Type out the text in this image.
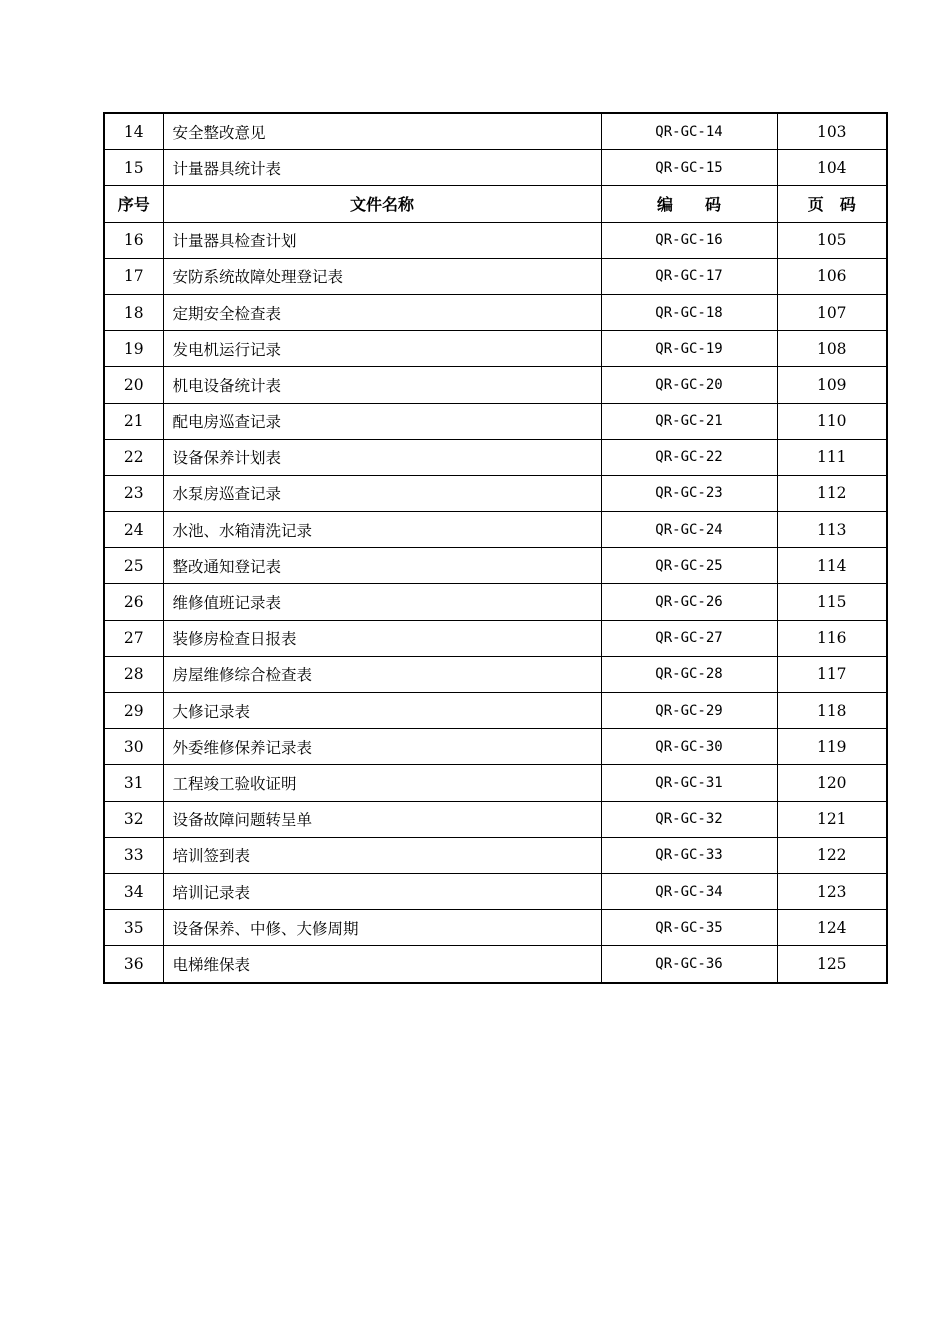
14	安全整改意见	QR-GC-14	103
15	计量器具统计表	QR-GC-15	104
序号	文件名称	编　　码	页　码
16	计量器具检查计划	QR-GC-16	105
17	安防系统故障处理登记表	QR-GC-17	106
18	定期安全检查表	QR-GC-18	107
19	发电机运行记录	QR-GC-19	108
20	机电设备统计表	QR-GC-20	109
21	配电房巡查记录	QR-GC-21	110
22	设备保养计划表	QR-GC-22	111
23	水泵房巡查记录	QR-GC-23	112
24	水池、水箱清洗记录	QR-GC-24	113
25	整改通知登记表	QR-GC-25	114
26	维修值班记录表	QR-GC-26	115
27	装修房检查日报表	QR-GC-27	116
28	房屋维修综合检查表	QR-GC-28	117
29	大修记录表	QR-GC-29	118
30	外委维修保养记录表	QR-GC-30	119
31	工程竣工验收证明	QR-GC-31	120
32	设备故障问题转呈单	QR-GC-32	121
33	培训签到表	QR-GC-33	122
34	培训记录表	QR-GC-34	123
35	设备保养、中修、大修周期	QR-GC-35	124
36	电梯维保表	QR-GC-36	125
